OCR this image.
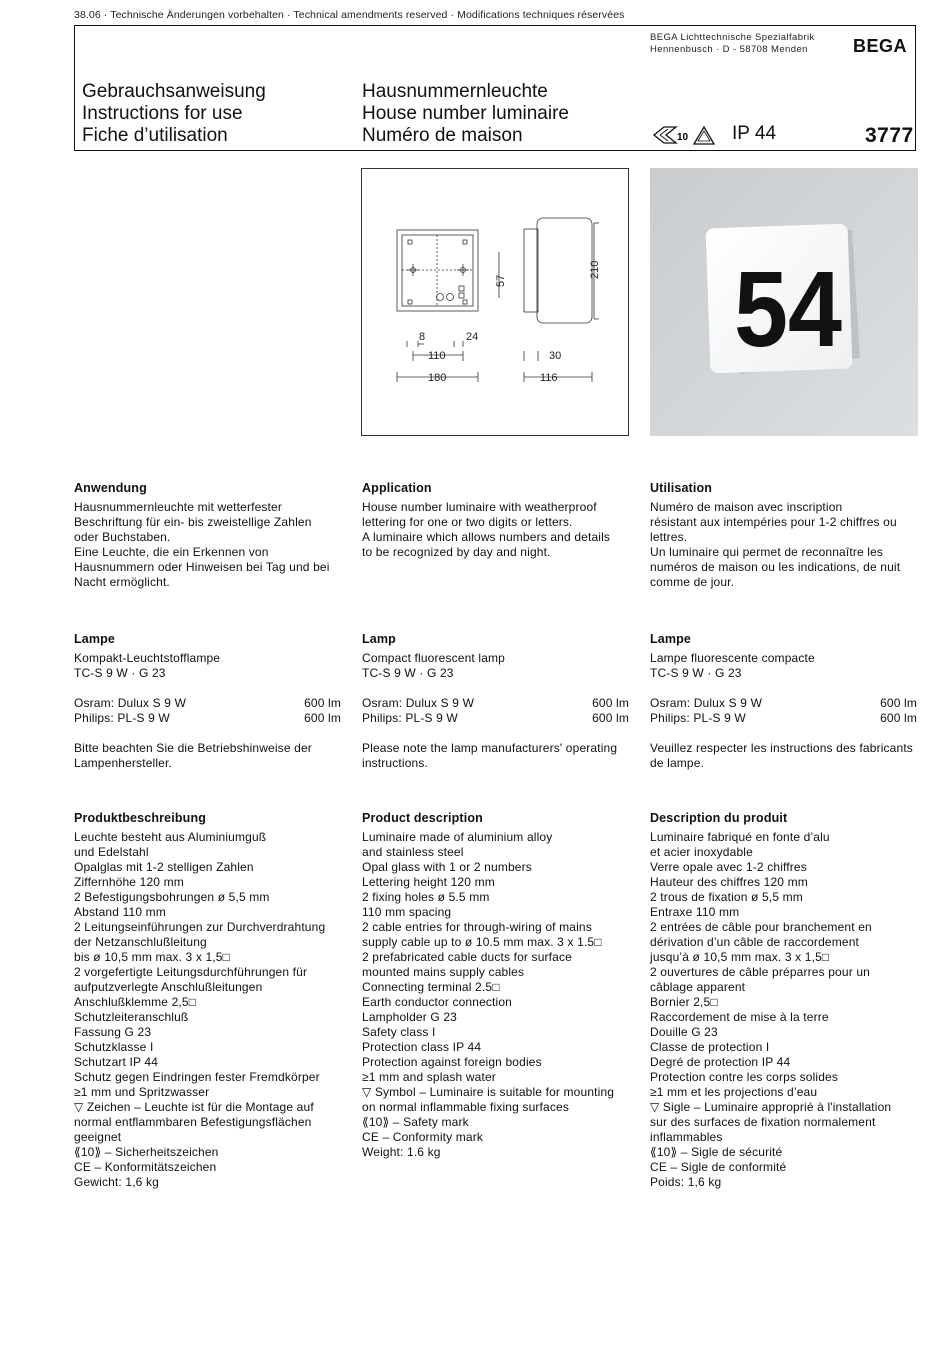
38.06 · Technische Änderungen vorbehalten · Technical amendments reserved · Modifications techniques réservées
BEGA Lichttechnische Spezialfabrik
Hennenbusch · D - 58708 Menden	BEGA
Gebrauchsanweisung
Instructions for use
Fiche d’utilisation
Hausnummernleuchte
House number luminaire
Numéro de maison	10 IP 44	3777
57
210
8	24
110
180
30
116
54
Anwendung
Hausnummernleuchte mit wetterfester
Beschriftung für ein- bis zweistellige Zahlen
oder Buchstaben.
Eine Leuchte, die ein Erkennen von
Hausnummern oder Hinweisen bei Tag und bei
Nacht ermöglicht.
Application
House number luminaire with weatherproof
lettering for one or two digits or letters.
A luminaire which allows numbers and details
to be recognized by day and night.
Utilisation
Numéro de maison avec inscription
résistant aux intempéries pour 1-2 chiffres ou
lettres.
Un luminaire qui permet de reconnaître les
numéros de maison ou les indications, de nuit
comme de jour.
Lampe
Kompakt-Leuchtstofflampe
TC-S 9 W · G 23
Osram: Dulux S 9 W	600 lm
Philips: PL-S 9 W	600 lm
Bitte beachten Sie die Betriebshinweise der
Lampenhersteller.
Lamp
Compact fluorescent lamp
TC-S 9 W · G 23
Osram: Dulux S 9 W	600 lm
Philips: PL-S 9 W	600 lm
Please note the lamp manufacturers' operating
instructions.
Lampe
Lampe fluorescente compacte
TC-S 9 W · G 23
Osram: Dulux S 9 W	600 lm
Philips: PL-S 9 W	600 lm
Veuillez respecter les instructions des fabricants
de lampe.
Produktbeschreibung
Leuchte besteht aus Aluminiumguß
und Edelstahl
Opalglas mit 1-2 stelligen Zahlen
Ziffernhöhe 120 mm
2 Befestigungsbohrungen ø 5,5 mm
Abstand 110 mm
2 Leitungseinführungen zur Durchverdrahtung
der Netzanschlußleitung
bis ø 10,5 mm max. 3 x 1,5□
2 vorgefertigte Leitungsdurchführungen für
aufputzverlegte Anschlußleitungen
Anschlußklemme 2,5□
Schutzleiteranschluß
Fassung G 23
Schutzklasse I
Schutzart IP 44
Schutz gegen Eindringen fester Fremdkörper
≥1 mm und Spritzwasser
▽ Zeichen – Leuchte ist für die Montage auf
normal entflammbaren Befestigungsflächen
geeignet
⟪10⟫ – Sicherheitszeichen
CE – Konformitätszeichen
Gewicht: 1,6 kg
Product description
Luminaire made of aluminium alloy
and stainless steel
Opal glass with 1 or 2 numbers
Lettering height 120 mm
2 fixing holes ø 5.5 mm
110 mm spacing
2 cable entries for through-wiring of mains
supply cable up to ø 10.5 mm max. 3 x 1.5□
2 prefabricated cable ducts for surface
mounted mains supply cables
Connecting terminal 2.5□
Earth conductor connection
Lampholder G 23
Safety class I
Protection class IP 44
Protection against foreign bodies
≥1 mm and splash water
▽ Symbol – Luminaire is suitable for mounting
on normal inflammable fixing surfaces
⟪10⟫ – Safety mark
CE – Conformity mark
Weight: 1.6 kg
Description du produit
Luminaire fabriqué en fonte d’alu
et acier inoxydable
Verre opale avec 1-2 chiffres
Hauteur des chiffres 120 mm
2 trous de fixation ø 5,5 mm
Entraxe 110 mm
2 entrées de câble pour branchement en
dérivation d’un câble de raccordement
jusqu’à ø 10,5 mm max. 3 x 1,5□
2 ouvertures de câble préparres pour un
câblage apparent
Bornier 2,5□
Raccordement de mise à la terre
Douille G 23
Classe de protection I
Degré de protection IP 44
Protection contre les corps solides
≥1 mm et les projections d’eau
▽ Sigle – Luminaire approprié à l'installation
sur des surfaces de fixation normalement
inflammables
⟪10⟫ – Sigle de sécurité
CE – Sigle de conformité
Poids: 1,6 kg
